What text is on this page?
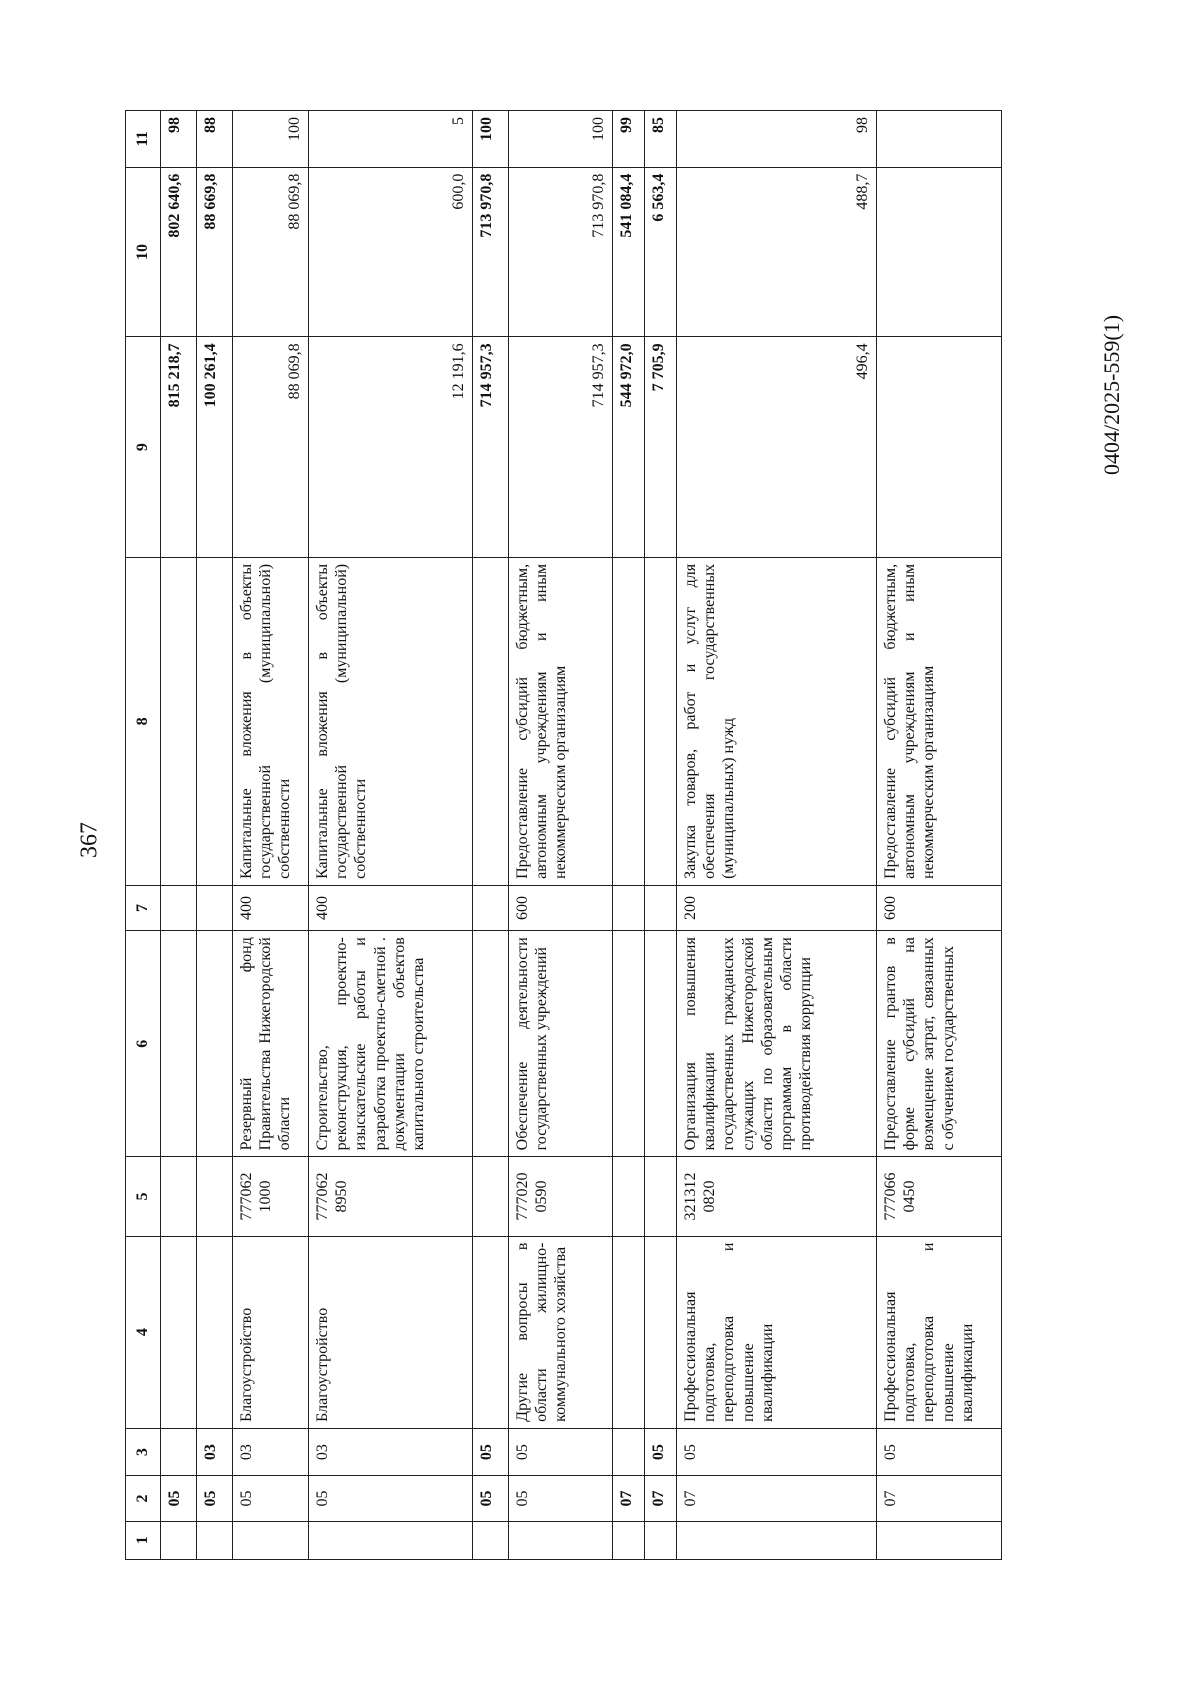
367
1	2	3	4	5	6	7	8	9	10	11
	05							815 218,7	802 640,6	98
	05	03						100 261,4	88 669,8	88
	05	03	Благоустройство	777062 1000	Резервный фонд Правительства Нижегородской области	400	Капитальные вложения в объекты государственной (муниципальной) собственности	88 069,8	88 069,8	100
	05	03	Благоустройство	777062 8950	Строительство, реконструкция, проектно-изыскательские работы и разработка проектно-сметной . документации объектов капитального строительства	400	Капитальные вложения в объекты государственной (муниципальной) собственности	12 191,6	600,0	5
	05	05						714 957,3	713 970,8	100
	05	05	Другие вопросы в области жилищно-коммунального хозяйства	777020 0590	Обеспечение деятельности государственных учреждений	600	Предоставление субсидий бюджетным, автономным учреждениям и иным некоммерческим организациям	714 957,3	713 970,8	100
	07							544 972,0	541 084,4	99
	07	05						7 705,9	6 563,4	85
	07	05	Профессиональная подготовка, переподготовка и повышение квалификации	321312 0820	Организация повышения квалификации государственных гражданских служащих Нижегородской области по образовательным программам в области противодействия коррупции	200	Закупка товаров, работ и услуг для обеспечения государственных (муниципальных) нужд	496,4	488,7	98
	07	05	Профессиональная подготовка, переподготовка и повышение квалификации	777066 0450	Предоставление грантов в форме субсидий на возмещение затрат, связанных с обучением государственных	600	Предоставление субсидий бюджетным, автономным учреждениям и иным некоммерческим организациям			
0404/2025-559(1)
